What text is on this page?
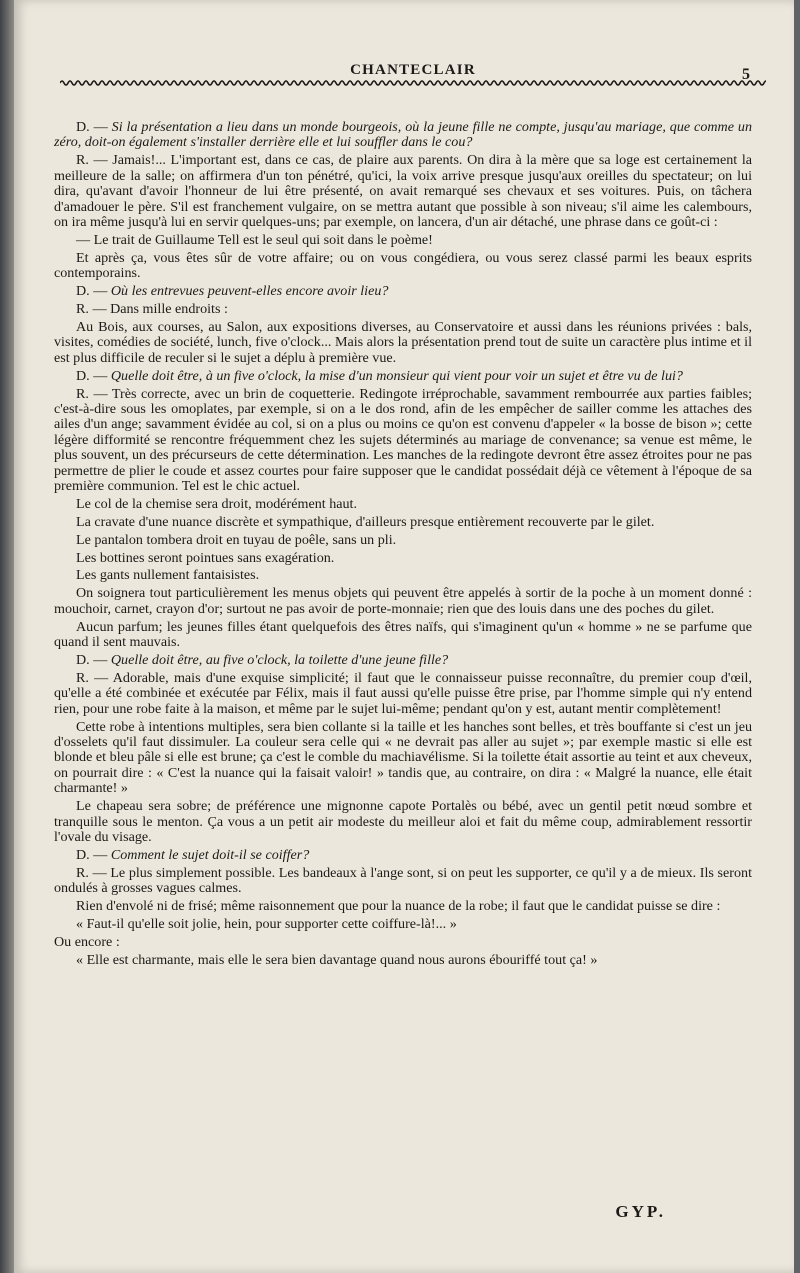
CHANTECLAIR	5

D. — Si la présentation a lieu dans un monde bourgeois, où la jeune fille ne compte, jusqu'au mariage, que comme un zéro, doit-on également s'installer derrière elle et lui souffler dans le cou?

R. — Jamais!... L'important est, dans ce cas, de plaire aux parents. On dira à la mère que sa loge est certainement la meilleure de la salle; on affirmera d'un ton pénétré, qu'ici, la voix arrive presque jusqu'aux oreilles du spectateur; on lui dira, qu'avant d'avoir l'honneur de lui être présenté, on avait remarqué ses chevaux et ses voitures. Puis, on tâchera d'amadouer le père. S'il est franchement vulgaire, on se mettra autant que possible à son niveau; s'il aime les calembours, on ira même jusqu'à lui en servir quelques-uns; par exemple, on lancera, d'un air détaché, une phrase dans ce goût-ci :

— Le trait de Guillaume Tell est le seul qui soit dans le poème!

Et après ça, vous êtes sûr de votre affaire; ou on vous congédiera, ou vous serez classé parmi les beaux esprits contemporains.

D. — Où les entrevues peuvent-elles encore avoir lieu?

R. — Dans mille endroits :

Au Bois, aux courses, au Salon, aux expositions diverses, au Conservatoire et aussi dans les réunions privées : bals, visites, comédies de société, lunch, five o'clock... Mais alors la présentation prend tout de suite un caractère plus intime et il est plus difficile de reculer si le sujet a déplu à première vue.

D. — Quelle doit être, à un five o'clock, la mise d'un monsieur qui vient pour voir un sujet et être vu de lui?

R. — Très correcte, avec un brin de coquetterie. Redingote irréprochable, savamment rembourrée aux parties faibles; c'est-à-dire sous les omoplates, par exemple, si on a le dos rond, afin de les empêcher de sailler comme les attaches des ailes d'un ange; savamment évidée au col, si on a plus ou moins ce qu'on est convenu d'appeler « la bosse de bison »; cette légère difformité se rencontre fréquemment chez les sujets déterminés au mariage de convenance; sa venue est même, le plus souvent, un des précurseurs de cette détermination. Les manches de la redingote devront être assez étroites pour ne pas permettre de plier le coude et assez courtes pour faire supposer que le candidat possédait déjà ce vêtement à l'époque de sa première communion. Tel est le chic actuel.

Le col de la chemise sera droit, modérément haut.

La cravate d'une nuance discrète et sympathique, d'ailleurs presque entièrement recouverte par le gilet.

Le pantalon tombera droit en tuyau de poêle, sans un pli.

Les bottines seront pointues sans exagération.

Les gants nullement fantaisistes.

On soignera tout particulièrement les menus objets qui peuvent être appelés à sortir de la poche à un moment donné : mouchoir, carnet, crayon d'or; surtout ne pas avoir de porte-monnaie; rien que des louis dans une des poches du gilet.

Aucun parfum; les jeunes filles étant quelquefois des êtres naïfs, qui s'imaginent qu'un « homme » ne se parfume que quand il sent mauvais.

D. — Quelle doit être, au five o'clock, la toilette d'une jeune fille?

R. — Adorable, mais d'une exquise simplicité; il faut que le connaisseur puisse reconnaître, du premier coup d'œil, qu'elle a été combinée et exécutée par Félix, mais il faut aussi qu'elle puisse être prise, par l'homme simple qui n'y entend rien, pour une robe faite à la maison, et même par le sujet lui-même; pendant qu'on y est, autant mentir complètement!

Cette robe à intentions multiples, sera bien collante si la taille et les hanches sont belles, et très bouffante si c'est un jeu d'osselets qu'il faut dissimuler. La couleur sera celle qui « ne devrait pas aller au sujet »; par exemple mastic si elle est blonde et bleu pâle si elle est brune; ça c'est le comble du machiavélisme. Si la toilette était assortie au teint et aux cheveux, on pourrait dire : « C'est la nuance qui la faisait valoir! » tandis que, au contraire, on dira : « Malgré la nuance, elle était charmante! »

Le chapeau sera sobre; de préférence une mignonne capote Portalès ou bébé, avec un gentil petit nœud sombre et tranquille sous le menton. Ça vous a un petit air modeste du meilleur aloi et fait du même coup, admirablement ressortir l'ovale du visage.

D. — Comment le sujet doit-il se coiffer?

R. — Le plus simplement possible. Les bandeaux à l'ange sont, si on peut les supporter, ce qu'il y a de mieux. Ils seront ondulés à grosses vagues calmes.

Rien d'envolé ni de frisé; même raisonnement que pour la nuance de la robe; il faut que le candidat puisse se dire :

« Faut-il qu'elle soit jolie, hein, pour supporter cette coiffure-là!... »

Ou encore :

« Elle est charmante, mais elle le sera bien davantage quand nous aurons ébouriffé tout ça! »

GYP.
